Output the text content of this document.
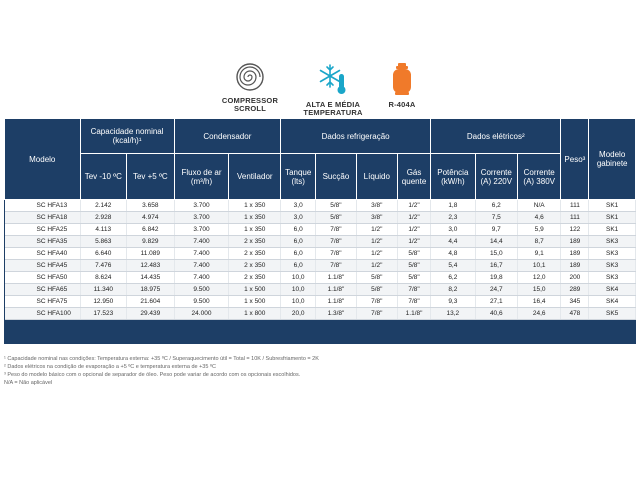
COMPRESSOR
SCROLL	ALTA E MÉDIA
TEMPERATURA
R-404A
Modelo	Capacidade nominal (kcal/h)¹		Condensador		Dados refrigeração				Dados elétricos²			Peso³	Modelo gabinete
	Tev -10 ºC	Tev +5 ºC	Fluxo de ar (m³/h)	Ventilador	Tanque (lts)	Sucção	Líquido	Gás quente	Potência (kW/h)	Corrente (A) 220V	Corrente (A) 380V		
SC HFA13	2.142	3.658	3.700	1 x 350	3,0	5/8"	3/8"	1/2"	1,8	6,2	N/A	111	SK1
SC HFA18	2.928	4.974	3.700	1 x 350	3,0	5/8"	3/8"	1/2"	2,3	7,5	4,6	111	SK1
SC HFA25	4.113	6.842	3.700	1 x 350	6,0	7/8"	1/2"	1/2"	3,0	9,7	5,9	122	SK1
SC HFA35	5.863	9.829	7.400	2 x 350	6,0	7/8"	1/2"	1/2"	4,4	14,4	8,7	189	SK3
SC HFA40	6.640	11.089	7.400	2 x 350	6,0	7/8"	1/2"	5/8"	4,8	15,0	9,1	189	SK3
SC HFA45	7.476	12.483	7.400	2 x 350	6,0	7/8"	1/2"	5/8"	5,4	16,7	10,1	189	SK3
SC HFA50	8.624	14.435	7.400	2 x 350	10,0	1.1/8"	5/8"	5/8"	6,2	19,8	12,0	200	SK3
SC HFA65	11.340	18.975	9.500	1 x 500	10,0	1.1/8"	5/8"	7/8"	8,2	24,7	15,0	289	SK4
SC HFA75	12.950	21.604	9.500	1 x 500	10,0	1.1/8"	7/8"	7/8"	9,3	27,1	16,4	345	SK4
SC HFA100	17.523	29.439	24.000	1 x 800	20,0	1.3/8"	7/8"	1.1/8"	13,2	40,6	24,6	478	SK5
¹ Capacidade nominal nas condições: Temperatura externa: +35 ºC / Superaquecimento útil = Total = 10K / Subresfriamento = 2K
² Dados elétricos na condição de evaporação a +5 ºC e temperatura externa de +35 ºC
³ Peso do modelo básico com o opcional de separador de óleo. Peso pode variar de acordo com os opcionais escolhidos.
N/A = Não aplicável
